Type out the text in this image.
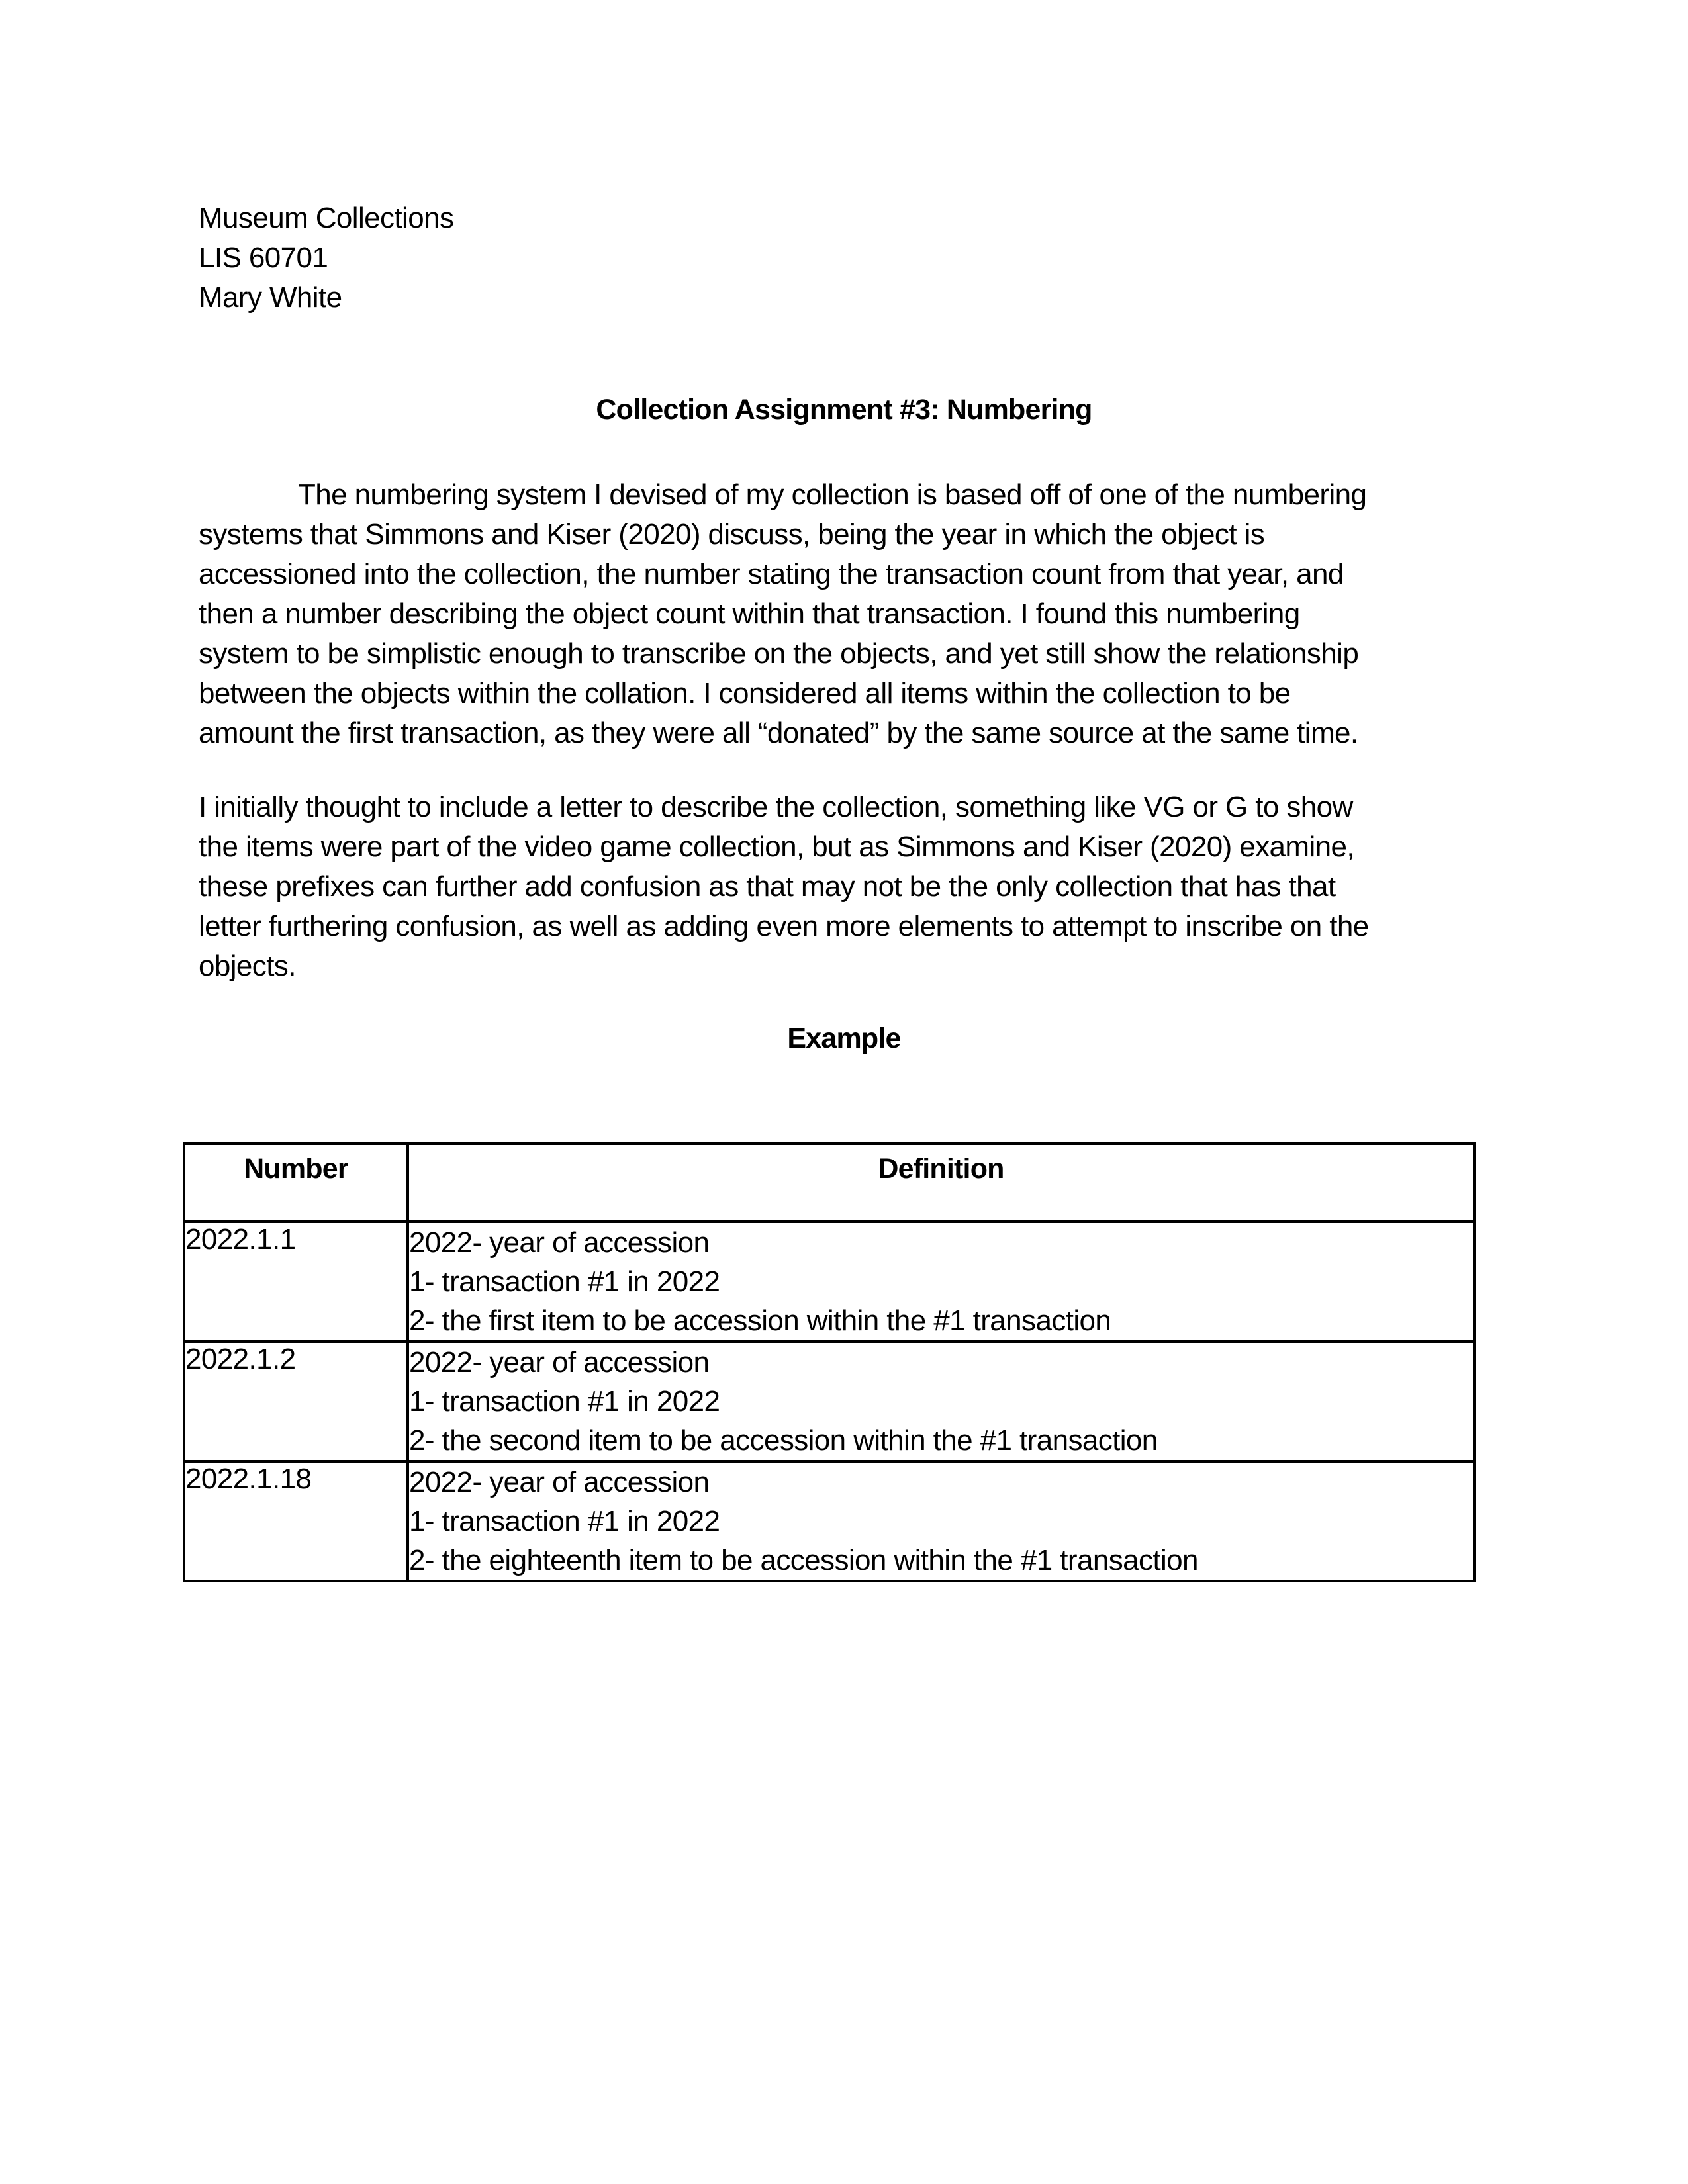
Museum Collections
LIS 60701
Mary White
Collection Assignment #3: Numbering
The numbering system I devised of my collection is based off of one of the numbering
systems that Simmons and Kiser (2020) discuss, being the year in which the object is
accessioned into the collection, the number stating the transaction count from that year, and
then a number describing the object count within that transaction. I found this numbering
system to be simplistic enough to transcribe on the objects, and yet still show the relationship
between the objects within the collation. I considered all items within the collection to be
amount the first transaction, as they were all “donated” by the same source at the same time.
I initially thought to include a letter to describe the collection, something like VG or G to show
the items were part of the video game collection, but as Simmons and Kiser (2020) examine,
these prefixes can further add confusion as that may not be the only collection that has that
letter furthering confusion, as well as adding even more elements to attempt to inscribe on the
objects.
Example
Number	Definition
2022.1.1	2022- year of accession
1- transaction #1 in 2022
2- the first item to be accession within the #1 transaction

2022.1.2	2022- year of accession
1- transaction #1 in 2022
2- the second item to be accession within the #1 transaction

2022.1.18	2022- year of accession
1- transaction #1 in 2022
2- the eighteenth item to be accession within the #1 transaction
